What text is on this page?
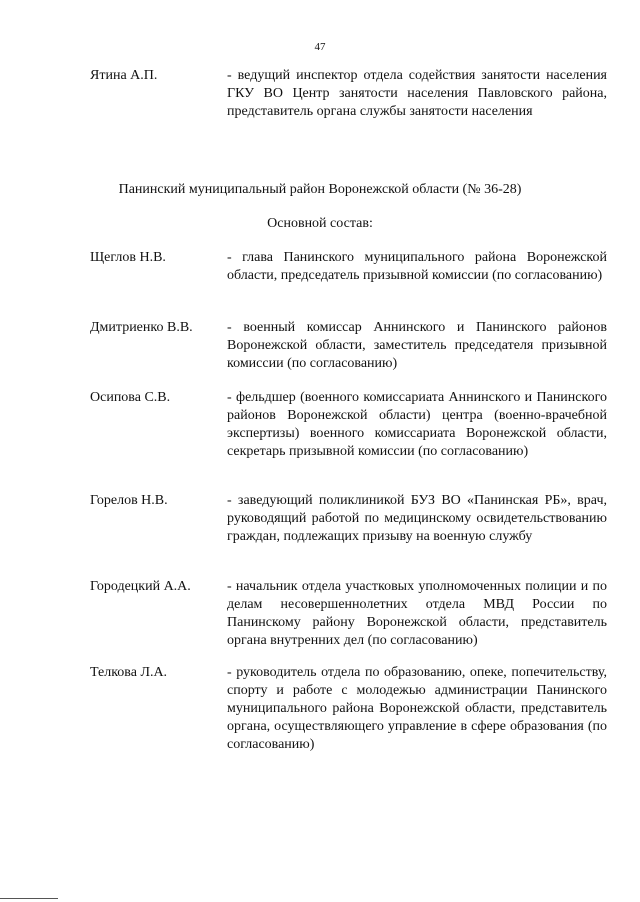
47
Ятина А.П.	- ведущий инспектор отдела содействия занятости населения ГКУ ВО Центр занятости населения Павловского района, представитель органа службы занятости населения
Панинский муниципальный район Воронежской области (№ 36-28)
Основной состав:
Щеглов Н.В.	- глава Панинского муниципального района Воронежской области, председатель призывной комиссии (по согласованию)
Дмитриенко В.В.	- военный комиссар Аннинского и Панинского районов Воронежской области, заместитель председателя призывной комиссии (по согласованию)
Осипова С.В.	- фельдшер (военного комиссариата Аннинского и Панинского районов Воронежской области) центра (военно-врачебной экспертизы) военного комиссариата Воронежской области, секретарь призывной комиссии (по согласованию)
Горелов Н.В.	- заведующий поликлиникой БУЗ ВО «Панинская РБ», врач, руководящий работой по медицинскому освидетельствованию граждан, подлежащих призыву на военную службу
Городецкий А.А.	- начальник отдела участковых уполномоченных полиции и по делам несовершеннолетних отдела МВД России по Панинскому району Воронежской области, представитель органа внутренних дел (по согласованию)
Телкова Л.А.	- руководитель отдела по образованию, опеке, попечительству, спорту и работе с молодежью администрации Панинского муниципального района Воронежской области, представитель органа, осуществляющего управление в сфере образования (по согласованию)
